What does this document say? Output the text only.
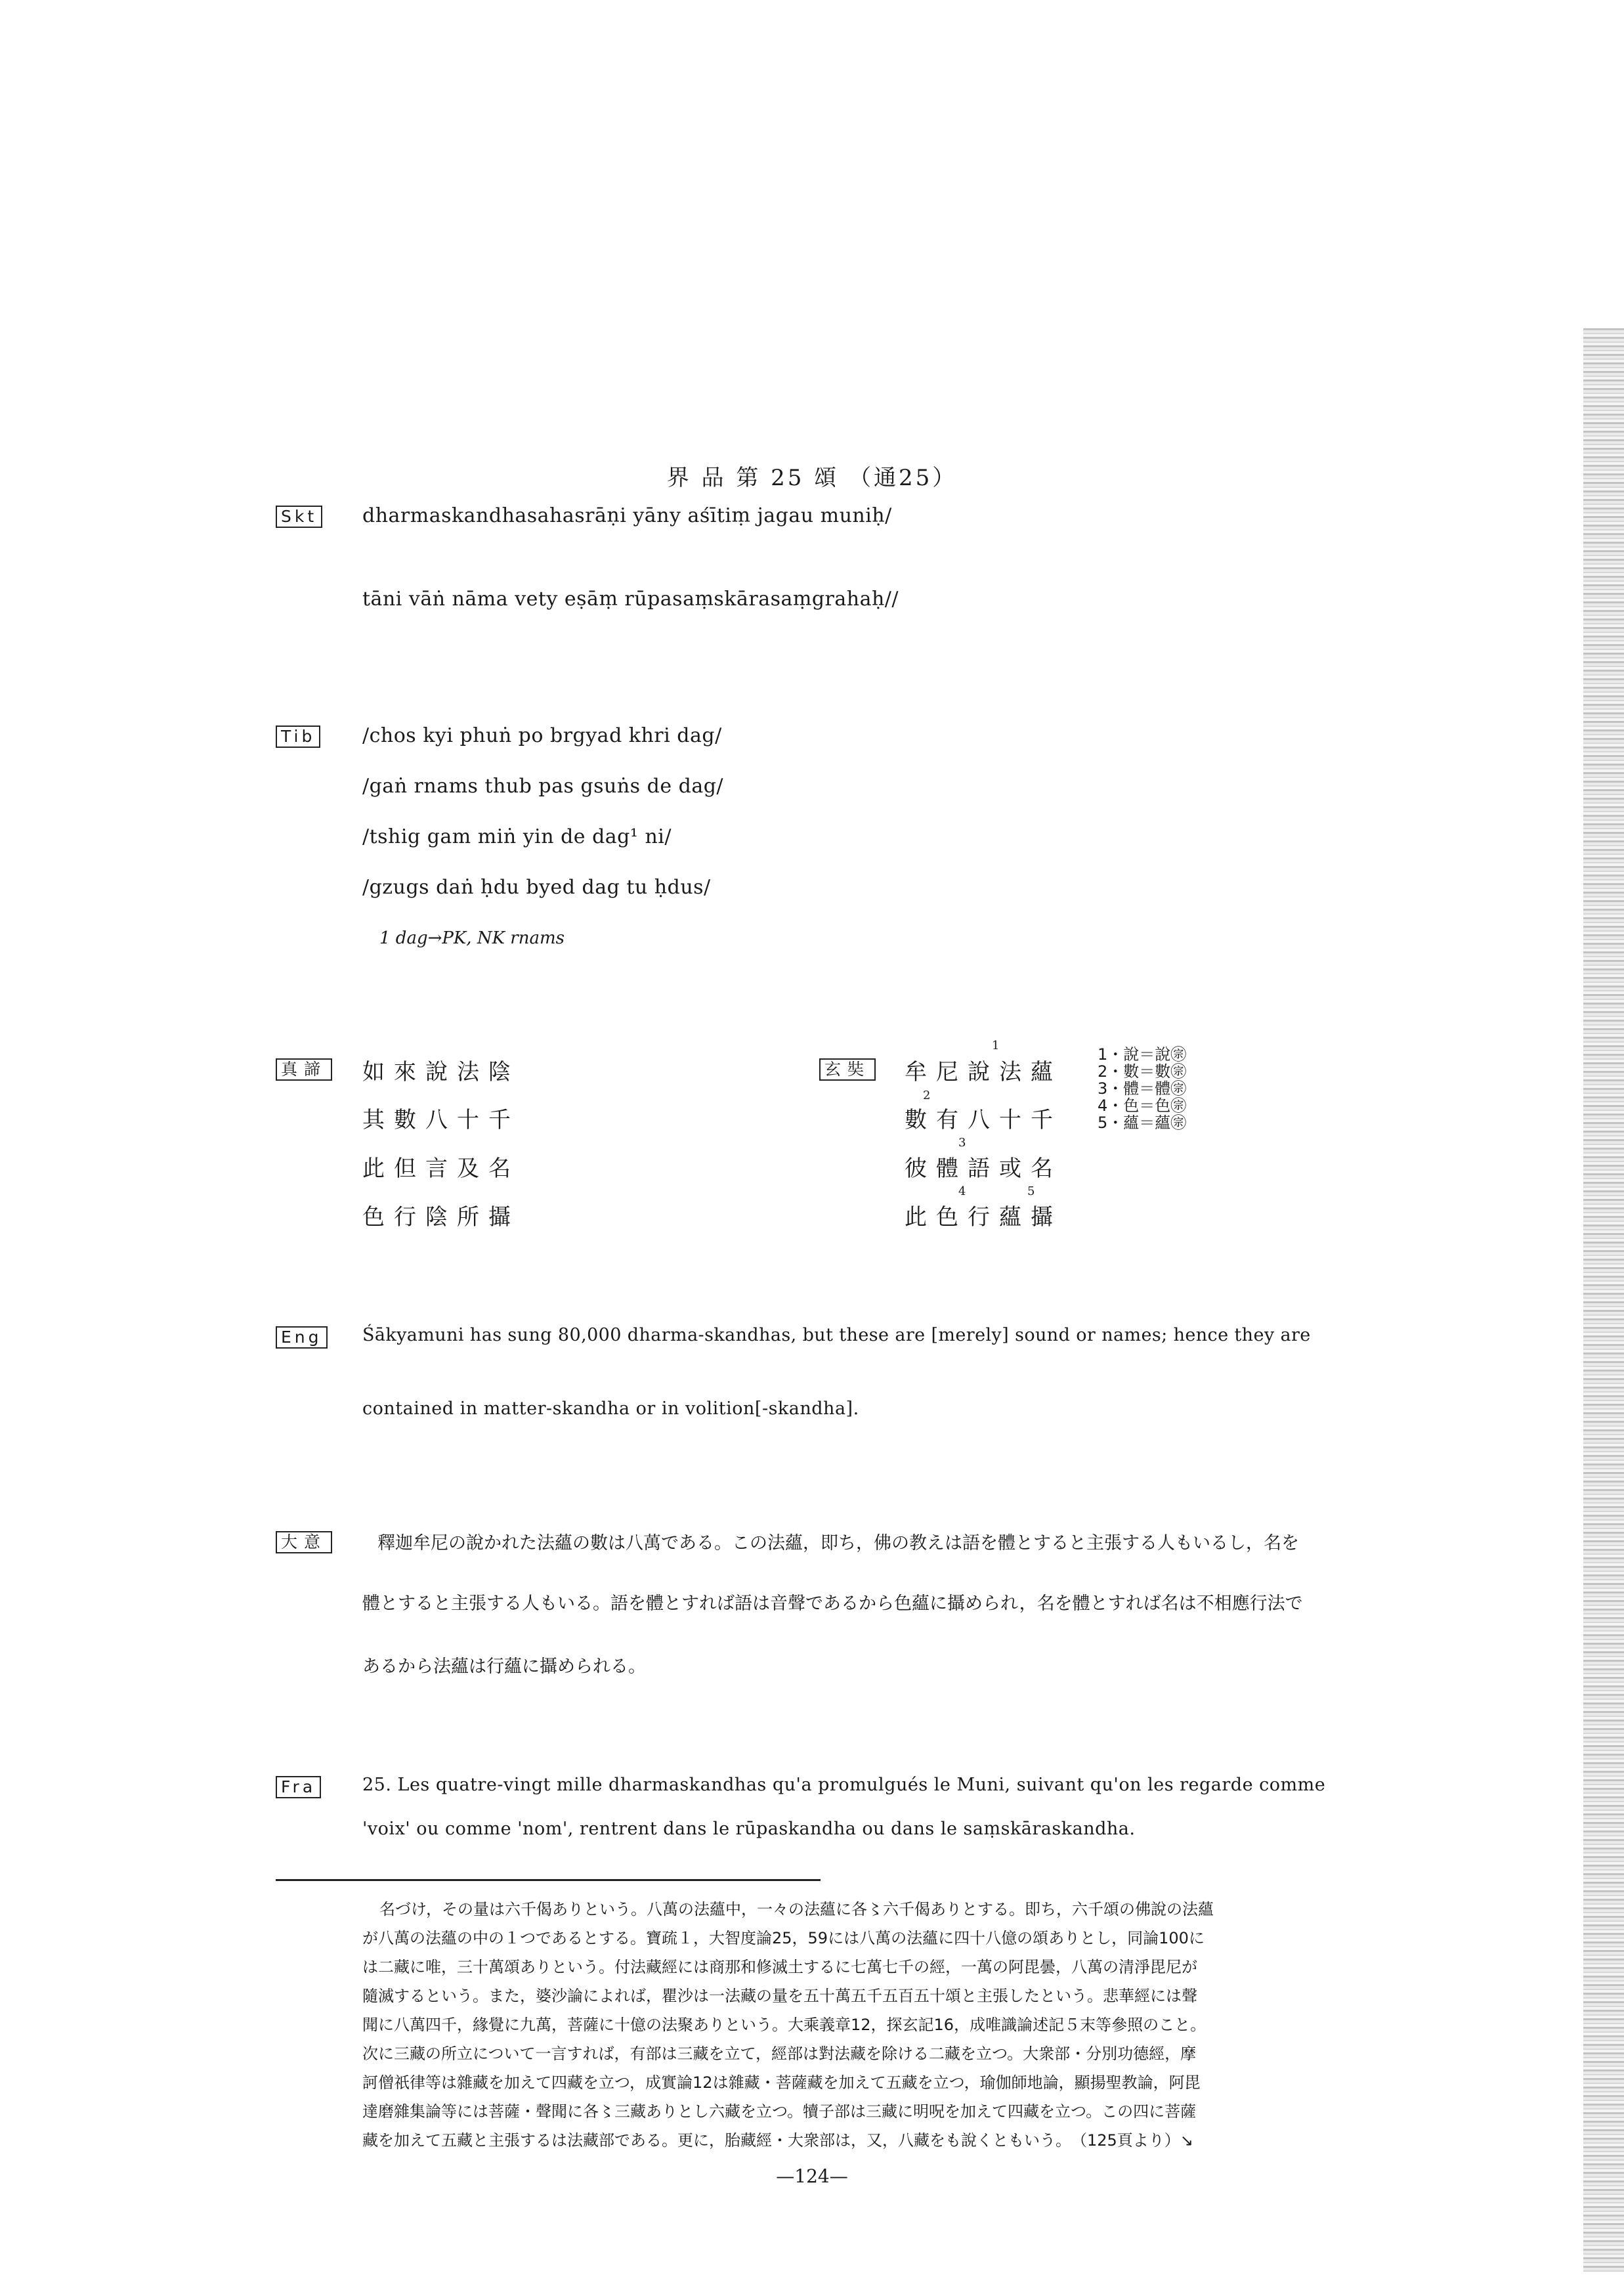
界 品 第 25 頌 （通25）
Skt dharmaskandhasahasrāṇi yāny aśītiṃ jagau muniḥ/
tāni vāṅ nāma vety eṣāṃ rūpasaṃskārasaṃgrahaḥ//
Tib /chos kyi phuṅ po brgyad khri dag/
/gaṅ rnams thub pas gsuṅs de dag/
/tshig gam miṅ yin de dag¹ ni/
/gzugs daṅ ḥdu byed dag tu ḥdus/
1 dag→PK, NK rnams
真諦 如來說法陰
其數八十千
此但言及名
色行陰所攝
玄奘 牟尼說法蘊
數有八十千
彼體語或名
此色行蘊攝
1
2
3
4	5
1・說＝說㊪
2・數＝數㊪
3・體＝體㊪
4・色＝色㊪
5・蘊＝蘊㊪
Eng Śākyamuni has sung 80,000 dharma-skandhas, but these are [merely] sound or names; hence they are
contained in matter-skandha or in volition[-skandha].
大意	釋迦牟尼の說かれた法蘊の數は八萬である。この法蘊，即ち，佛の教えは語を體とすると主張する人もいるし，名を
體とすると主張する人もいる。語を體とすれば語は音聲であるから色蘊に攝められ，名を體とすれば名は不相應行法で
あるから法蘊は行蘊に攝められる。
Fra	25. Les quatre-vingt mille dharmaskandhas qu'a promulgués le Muni, suivant qu'on les regarde comme
'voix' ou comme 'nom', rentrent dans le rūpaskandha ou dans le saṃskāraskandha.
名づけ，その量は六千偈ありという。八萬の法蘊中，一々の法蘊に各〻六千偈ありとする。即ち，六千頌の佛說の法蘊
が八萬の法蘊の中の１つであるとする。寶疏１，大智度論25，59には八萬の法蘊に四十八億の頌ありとし，同論100に
は二藏に唯，三十萬頌ありという。付法藏經には商那和修滅土するに七萬七千の經，一萬の阿毘曇，八萬の清淨毘尼が
隨滅するという。また，婆沙論によれば，瞿沙は一法藏の量を五十萬五千五百五十頌と主張したという。悲華經には聲
聞に八萬四千，緣覺に九萬，菩薩に十億の法聚ありという。大乘義章12，探玄記16，成唯識論述記５末等參照のこと。
次に三藏の所立について一言すれば，有部は三藏を立て，經部は對法藏を除ける二藏を立つ。大衆部・分別功德經，摩
訶僧祇律等は雜藏を加えて四藏を立つ，成實論12は雜藏・菩薩藏を加えて五藏を立つ，瑜伽師地論，顯揚聖教論，阿毘
達磨雜集論等には菩薩・聲聞に各〻三藏ありとし六藏を立つ。犢子部は三藏に明呪を加えて四藏を立つ。この四に菩薩
藏を加えて五藏と主張するは法藏部である。更に，胎藏經・大衆部は，又，八藏をも說くともいう。　（125頁より）↘
—124—
